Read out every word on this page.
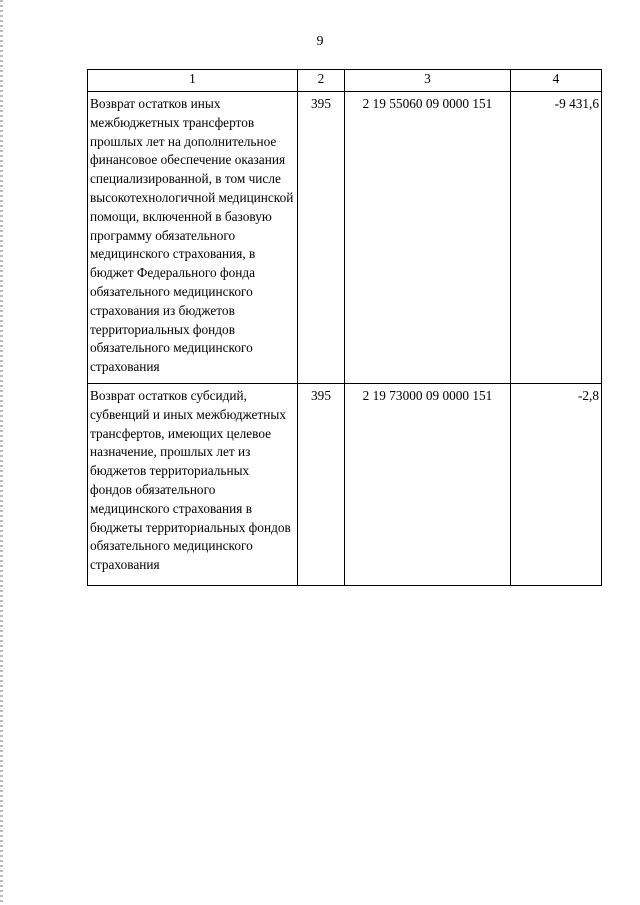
9
1	2	3	4
Возврат остатков иных межбюджетных трансфертов прошлых лет на дополнительное финансовое обеспечение оказания специализированной, в том числе высокотехнологичной медицинской помощи, включенной в базовую программу обязательного медицинского страхования, в бюджет Федерального фонда обязательного медицинского страхования из бюджетов территориальных фондов обязательного медицинского страхования	395	2 19 55060 09 0000 151	-9 431,6
Возврат остатков субсидий, субвенций и иных межбюджетных трансфертов, имеющих целевое назначение, прошлых лет из бюджетов территориальных фондов обязательного медицинского страхования в бюджеты территориальных фондов обязательного медицинского страхования	395	2 19 73000 09 0000 151	-2,8
